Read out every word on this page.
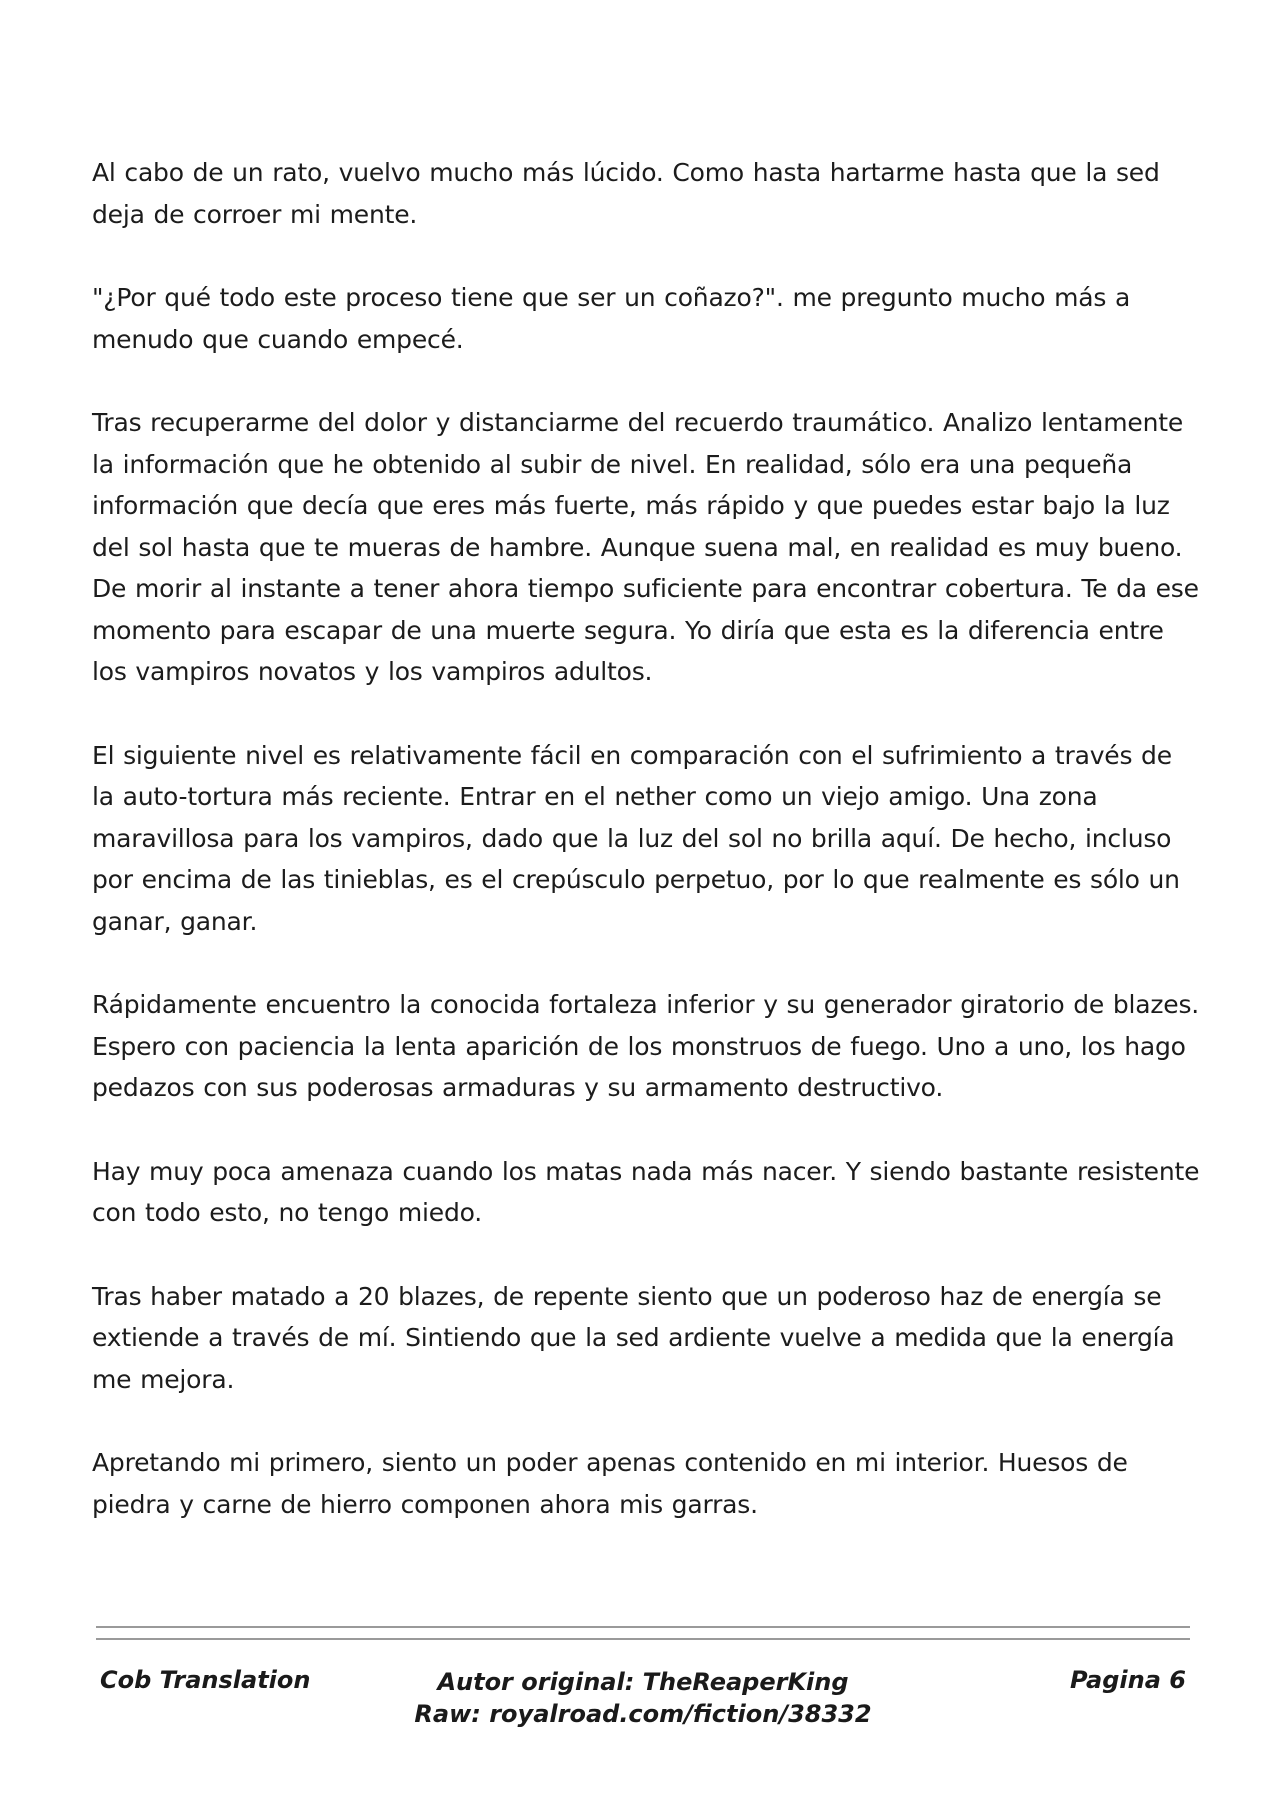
Al cabo de un rato, vuelvo mucho más lúcido. Como hasta hartarme hasta que la sed deja de corroer mi mente.

"¿Por qué todo este proceso tiene que ser un coñazo?". me pregunto mucho más a menudo que cuando empecé.

Tras recuperarme del dolor y distanciarme del recuerdo traumático. Analizo lentamente la información que he obtenido al subir de nivel. En realidad, sólo era una pequeña información que decía que eres más fuerte, más rápido y que puedes estar bajo la luz del sol hasta que te mueras de hambre. Aunque suena mal, en realidad es muy bueno. De morir al instante a tener ahora tiempo suficiente para encontrar cobertura. Te da ese momento para escapar de una muerte segura. Yo diría que esta es la diferencia entre los vampiros novatos y los vampiros adultos.

El siguiente nivel es relativamente fácil en comparación con el sufrimiento a través de la auto-tortura más reciente. Entrar en el nether como un viejo amigo. Una zona maravillosa para los vampiros, dado que la luz del sol no brilla aquí. De hecho, incluso por encima de las tinieblas, es el crepúsculo perpetuo, por lo que realmente es sólo un ganar, ganar.

Rápidamente encuentro la conocida fortaleza inferior y su generador giratorio de blazes. Espero con paciencia la lenta aparición de los monstruos de fuego. Uno a uno, los hago pedazos con sus poderosas armaduras y su armamento destructivo.

Hay muy poca amenaza cuando los matas nada más nacer. Y siendo bastante resistente con todo esto, no tengo miedo.

Tras haber matado a 20 blazes, de repente siento que un poderoso haz de energía se extiende a través de mí. Sintiendo que la sed ardiente vuelve a medida que la energía me mejora.

Apretando mi primero, siento un poder apenas contenido en mi interior. Huesos de piedra y carne de hierro componen ahora mis garras.

Cob Translation	Autor original: TheReaperKing
Raw: royalroad.com/fiction/38332
Pagina 6
